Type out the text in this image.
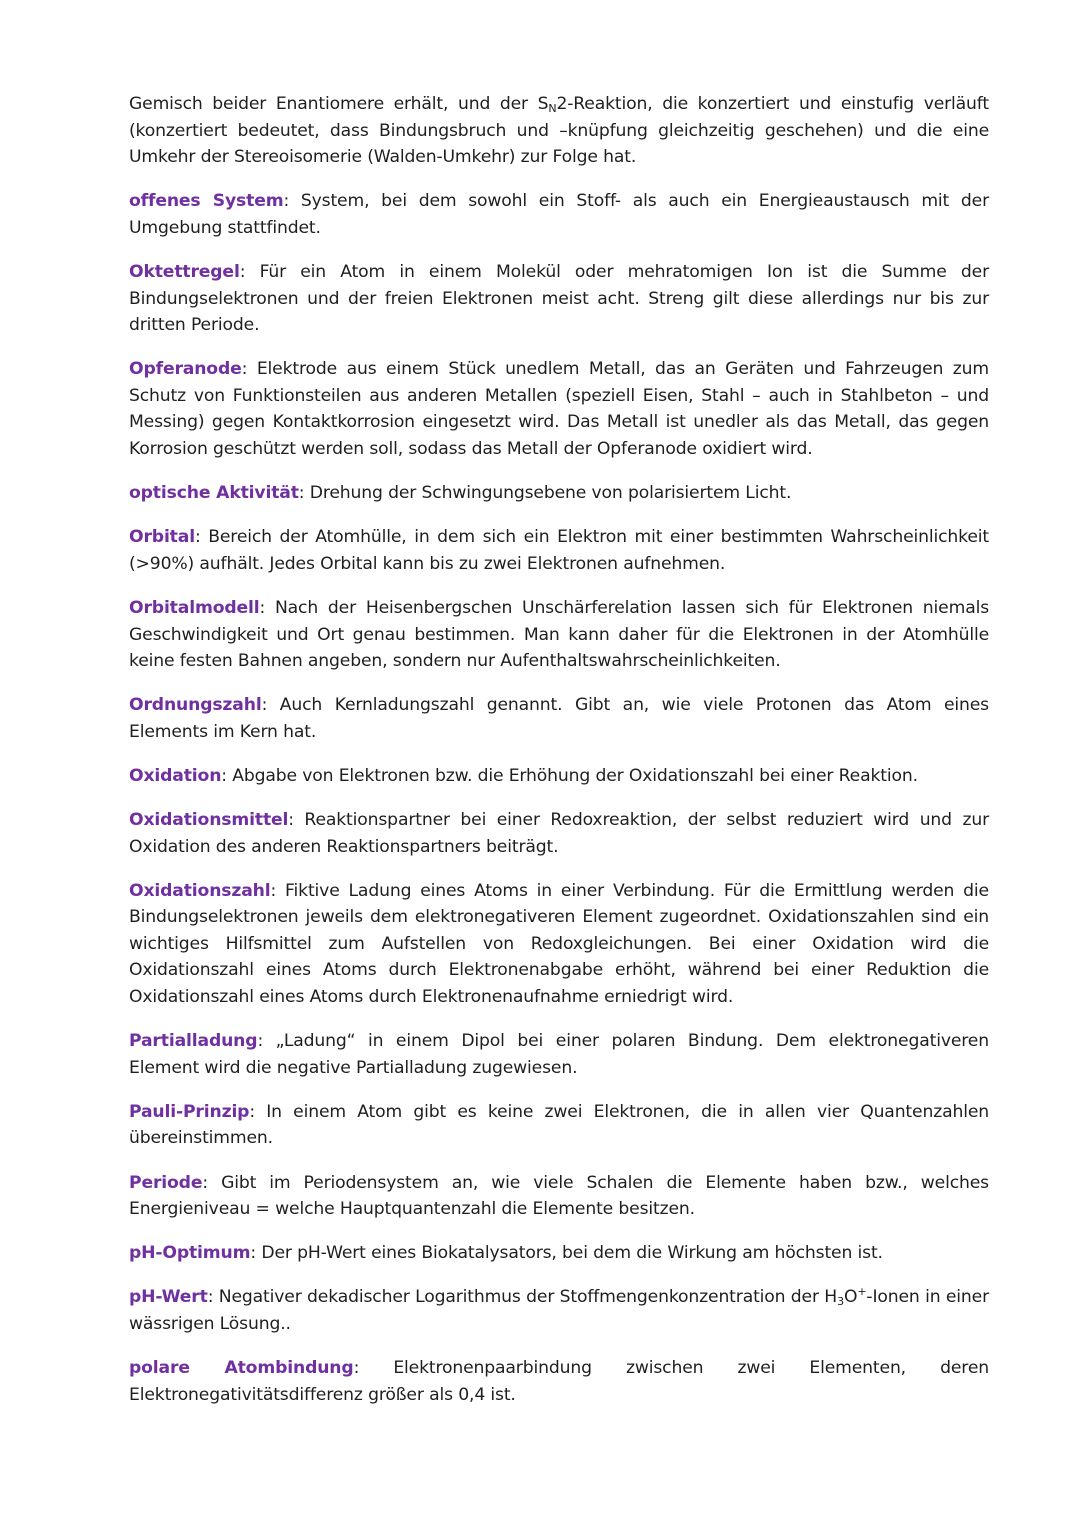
Gemisch beider Enantiomere erhält, und der $S_N2$-Reaktion, die konzertiert und einstufig verläuft (konzertiert bedeutet, dass Bindungsbruch und –knüpfung gleichzeitig geschehen) und die eine Umkehr der Stereoisomerie (Walden-Umkehr) zur Folge hat.

offenes System: System, bei dem sowohl ein Stoff- als auch ein Energieaustausch mit der Umgebung stattfindet.

Oktettregel: Für ein Atom in einem Molekül oder mehratomigen Ion ist die Summe der Bindungselektronen und der freien Elektronen meist acht. Streng gilt diese allerdings nur bis zur dritten Periode.

Opferanode: Elektrode aus einem Stück unedlem Metall, das an Geräten und Fahrzeugen zum Schutz von Funktionsteilen aus anderen Metallen (speziell Eisen, Stahl – auch in Stahlbeton – und Messing) gegen Kontaktkorrosion eingesetzt wird. Das Metall ist unedler als das Metall, das gegen Korrosion geschützt werden soll, sodass das Metall der Opferanode oxidiert wird.

optische Aktivität: Drehung der Schwingungsebene von polarisiertem Licht.

Orbital: Bereich der Atomhülle, in dem sich ein Elektron mit einer bestimmten Wahrscheinlichkeit (>90%) aufhält. Jedes Orbital kann bis zu zwei Elektronen aufnehmen.

Orbitalmodell: Nach der Heisenbergschen Unschärferelation lassen sich für Elektronen niemals Geschwindigkeit und Ort genau bestimmen. Man kann daher für die Elektronen in der Atomhülle keine festen Bahnen angeben, sondern nur Aufenthaltswahrscheinlichkeiten.

Ordnungszahl: Auch Kernladungszahl genannt. Gibt an, wie viele Protonen das Atom eines Elements im Kern hat.

Oxidation: Abgabe von Elektronen bzw. die Erhöhung der Oxidationszahl bei einer Reaktion.

Oxidationsmittel: Reaktionspartner bei einer Redoxreaktion, der selbst reduziert wird und zur Oxidation des anderen Reaktionspartners beiträgt.

Oxidationszahl: Fiktive Ladung eines Atoms in einer Verbindung. Für die Ermittlung werden die Bindungselektronen jeweils dem elektronegativeren Element zugeordnet. Oxidationszahlen sind ein wichtiges Hilfsmittel zum Aufstellen von Redoxgleichungen. Bei einer Oxidation wird die Oxidationszahl eines Atoms durch Elektronenabgabe erhöht, während bei einer Reduktion die Oxidationszahl eines Atoms durch Elektronenaufnahme erniedrigt wird.

Partialladung: „Ladung“ in einem Dipol bei einer polaren Bindung. Dem elektronegativeren Element wird die negative Partialladung zugewiesen.

Pauli-Prinzip: In einem Atom gibt es keine zwei Elektronen, die in allen vier Quantenzahlen übereinstimmen.

Periode: Gibt im Periodensystem an, wie viele Schalen die Elemente haben bzw., welches Energieniveau = welche Hauptquantenzahl die Elemente besitzen.

pH-Optimum: Der pH-Wert eines Biokatalysators, bei dem die Wirkung am höchsten ist.

pH-Wert: Negativer dekadischer Logarithmus der Stoffmengenkonzentration der $H_3O^+$-Ionen in einer wässrigen Lösung..

polare Atombindung: Elektronenpaarbindung zwischen zwei Elementen, deren Elektronegativitätsdifferenz größer als 0,4 ist.
